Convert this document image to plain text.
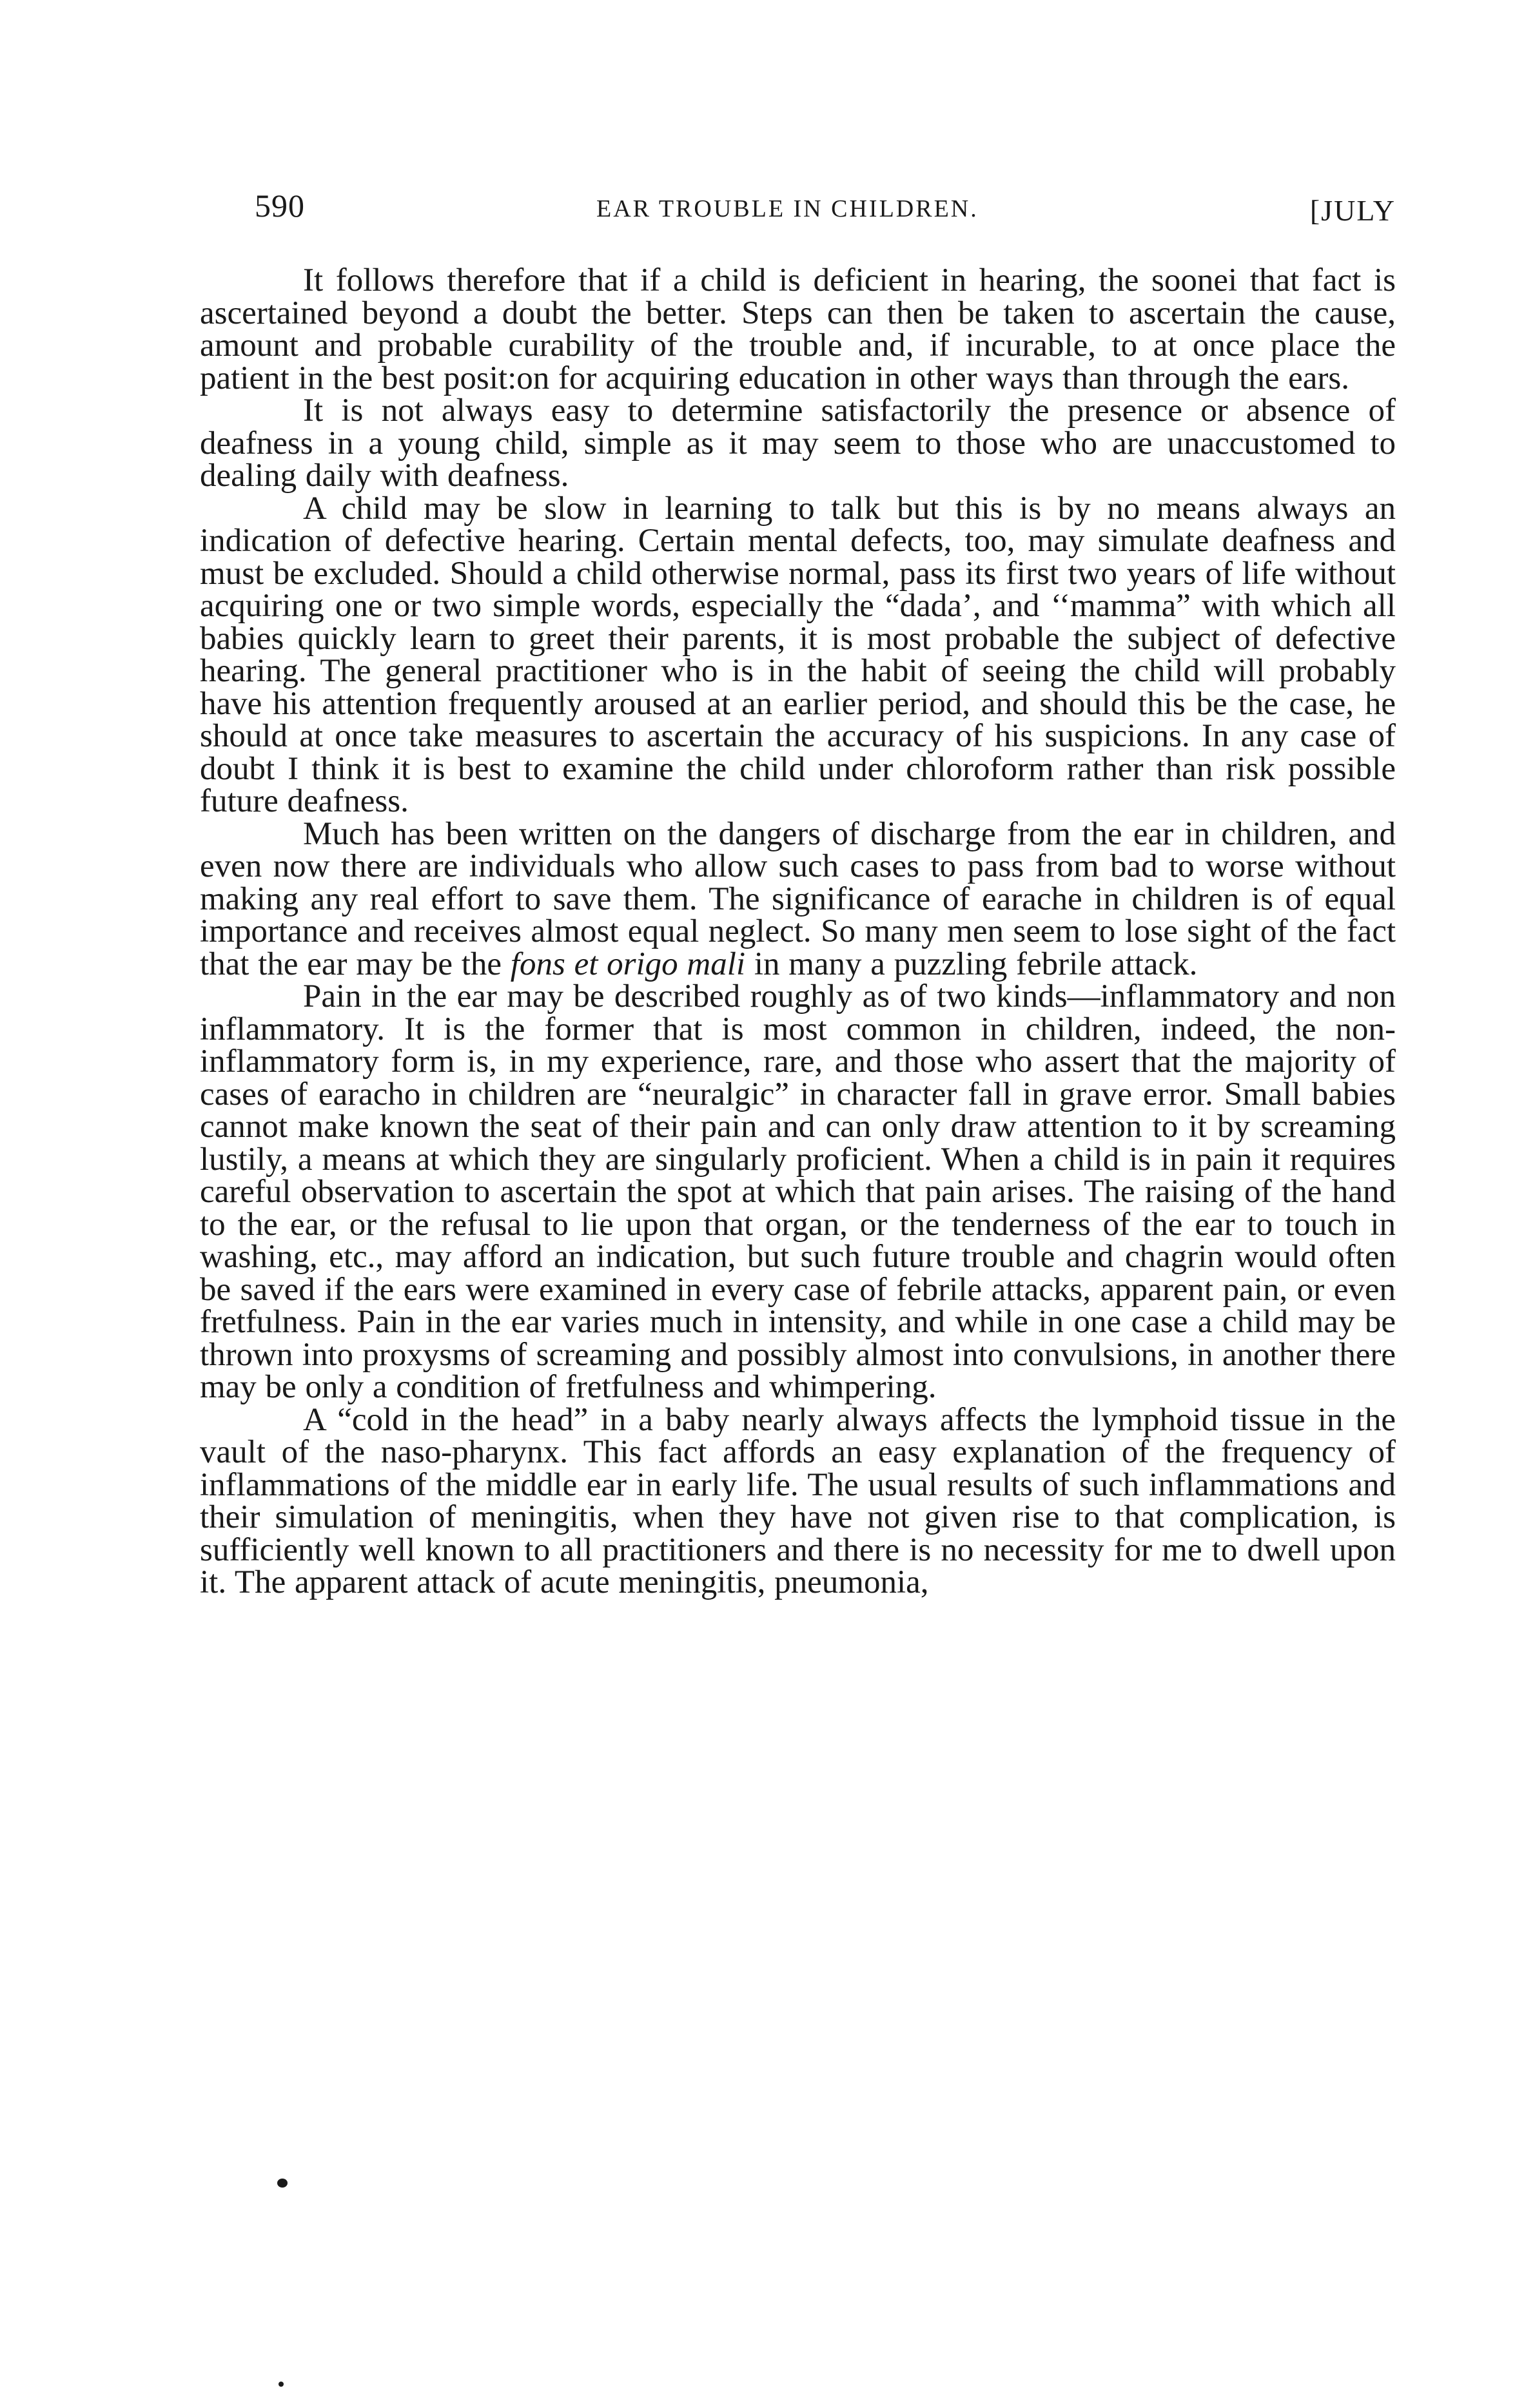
590	EAR TROUBLE IN CHILDREN.	[JULY

It follows therefore that if a child is deficient in hearing, the soonei that fact is ascertained beyond a doubt the better. Steps can then be taken to ascertain the cause, amount and probable curability of the trouble and, if incurable, to at once place the patient in the best posit:on for acquiring education in other ways than through the ears.

It is not always easy to determine satisfactorily the presence or absence of deafness in a young child, simple as it may seem to those who are unaccustomed to dealing daily with deafness.

A child may be slow in learning to talk but this is by no means always an indication of defective hearing. Certain mental defects, too, may simulate deafness and must be excluded. Should a child otherwise normal, pass its first two years of life without acquiring one or two simple words, especially the “dada’, and ‘‘mamma” with which all babies quickly learn to greet their parents, it is most probable the subject of defective hearing. The general practitioner who is in the habit of seeing the child will probably have his attention frequently aroused at an earlier period, and should this be the case, he should at once take measures to ascertain the accuracy of his suspicions. In any case of doubt I think it is best to examine the child under chloroform rather than risk possible future deafness.

Much has been written on the dangers of discharge from the ear in children, and even now there are individuals who allow such cases to pass from bad to worse without making any real effort to save them. The significance of earache in children is of equal importance and receives almost equal neglect. So many men seem to lose sight of the fact that the ear may be the fons et origo mali in many a puzzling febrile attack.

Pain in the ear may be described roughly as of two kinds—inflammatory and non inflammatory. It is the former that is most common in children, indeed, the non-inflammatory form is, in my experience, rare, and those who assert that the majority of cases of earacho in children are “neuralgic” in character fall in grave error. Small babies cannot make known the seat of their pain and can only draw attention to it by screaming lustily, a means at which they are singularly proficient. When a child is in pain it requires careful observation to ascertain the spot at which that pain arises. The raising of the hand to the ear, or the refusal to lie upon that organ, or the tenderness of the ear to touch in washing, etc., may afford an indication, but such future trouble and chagrin would often be saved if the ears were examined in every case of febrile attacks, apparent pain, or even fretfulness. Pain in the ear varies much in intensity, and while in one case a child may be thrown into proxysms of screaming and possibly almost into convulsions, in another there may be only a condition of fretfulness and whimpering.

A “cold in the head” in a baby nearly always affects the lymphoid tissue in the vault of the naso-pharynx. This fact affords an easy explanation of the frequency of inflammations of the middle ear in early life. The usual results of such inflammations and their simulation of meningitis, when they have not given rise to that complication, is sufficiently well known to all practitioners and there is no necessity for me to dwell upon it. The apparent attack of acute meningitis, pneumonia,
